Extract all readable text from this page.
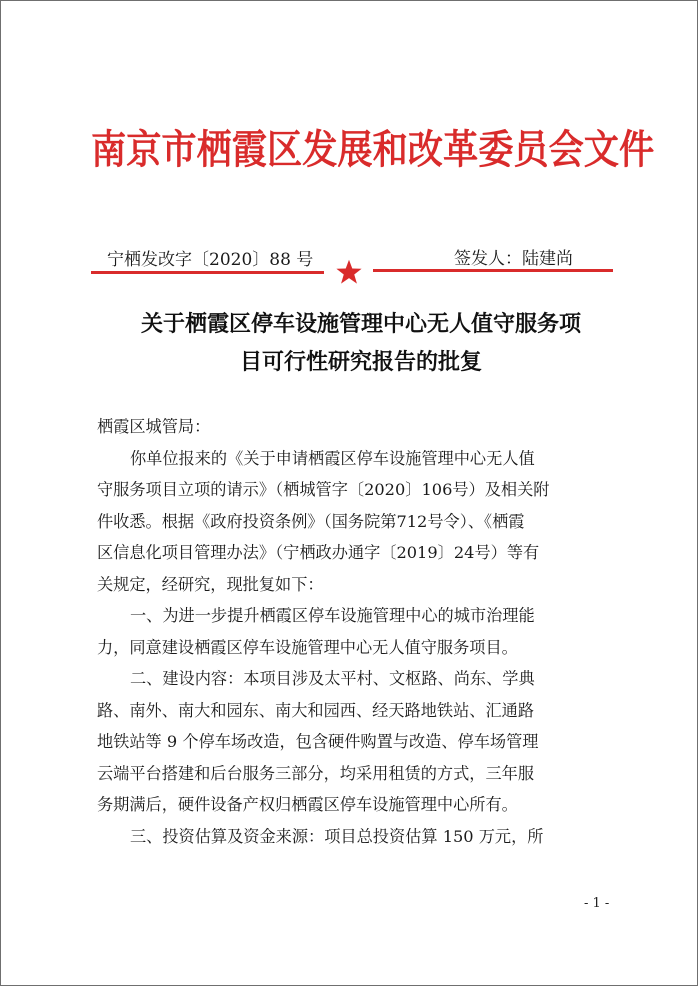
南京市栖霞区发展和改革委员会文件
宁栖发改字〔2020〕88 号	签发人：陆建尚
关于栖霞区停车设施管理中心无人值守服务项
目可行性研究报告的批复

栖霞区城管局：

你单位报来的《关于申请栖霞区停车设施管理中心无人值
守服务项目立项的请示》（栖城管字〔2020〕106号）及相关附
件收悉。根据《政府投资条例》（国务院第712号令）、《栖霞
区信息化项目管理办法》（宁栖政办通字〔2019〕24号）等有
关规定，经研究，现批复如下：

一、为进一步提升栖霞区停车设施管理中心的城市治理能
力，同意建设栖霞区停车设施管理中心无人值守服务项目。

二、建设内容：本项目涉及太平村、文枢路、尚东、学典
路、南外、南大和园东、南大和园西、经天路地铁站、汇通路
地铁站等 9 个停车场改造，包含硬件购置与改造、停车场管理
云端平台搭建和后台服务三部分，均采用租赁的方式，三年服
务期满后，硬件设备产权归栖霞区停车设施管理中心所有。

三、投资估算及资金来源：项目总投资估算 150 万元，所

- 1 -
